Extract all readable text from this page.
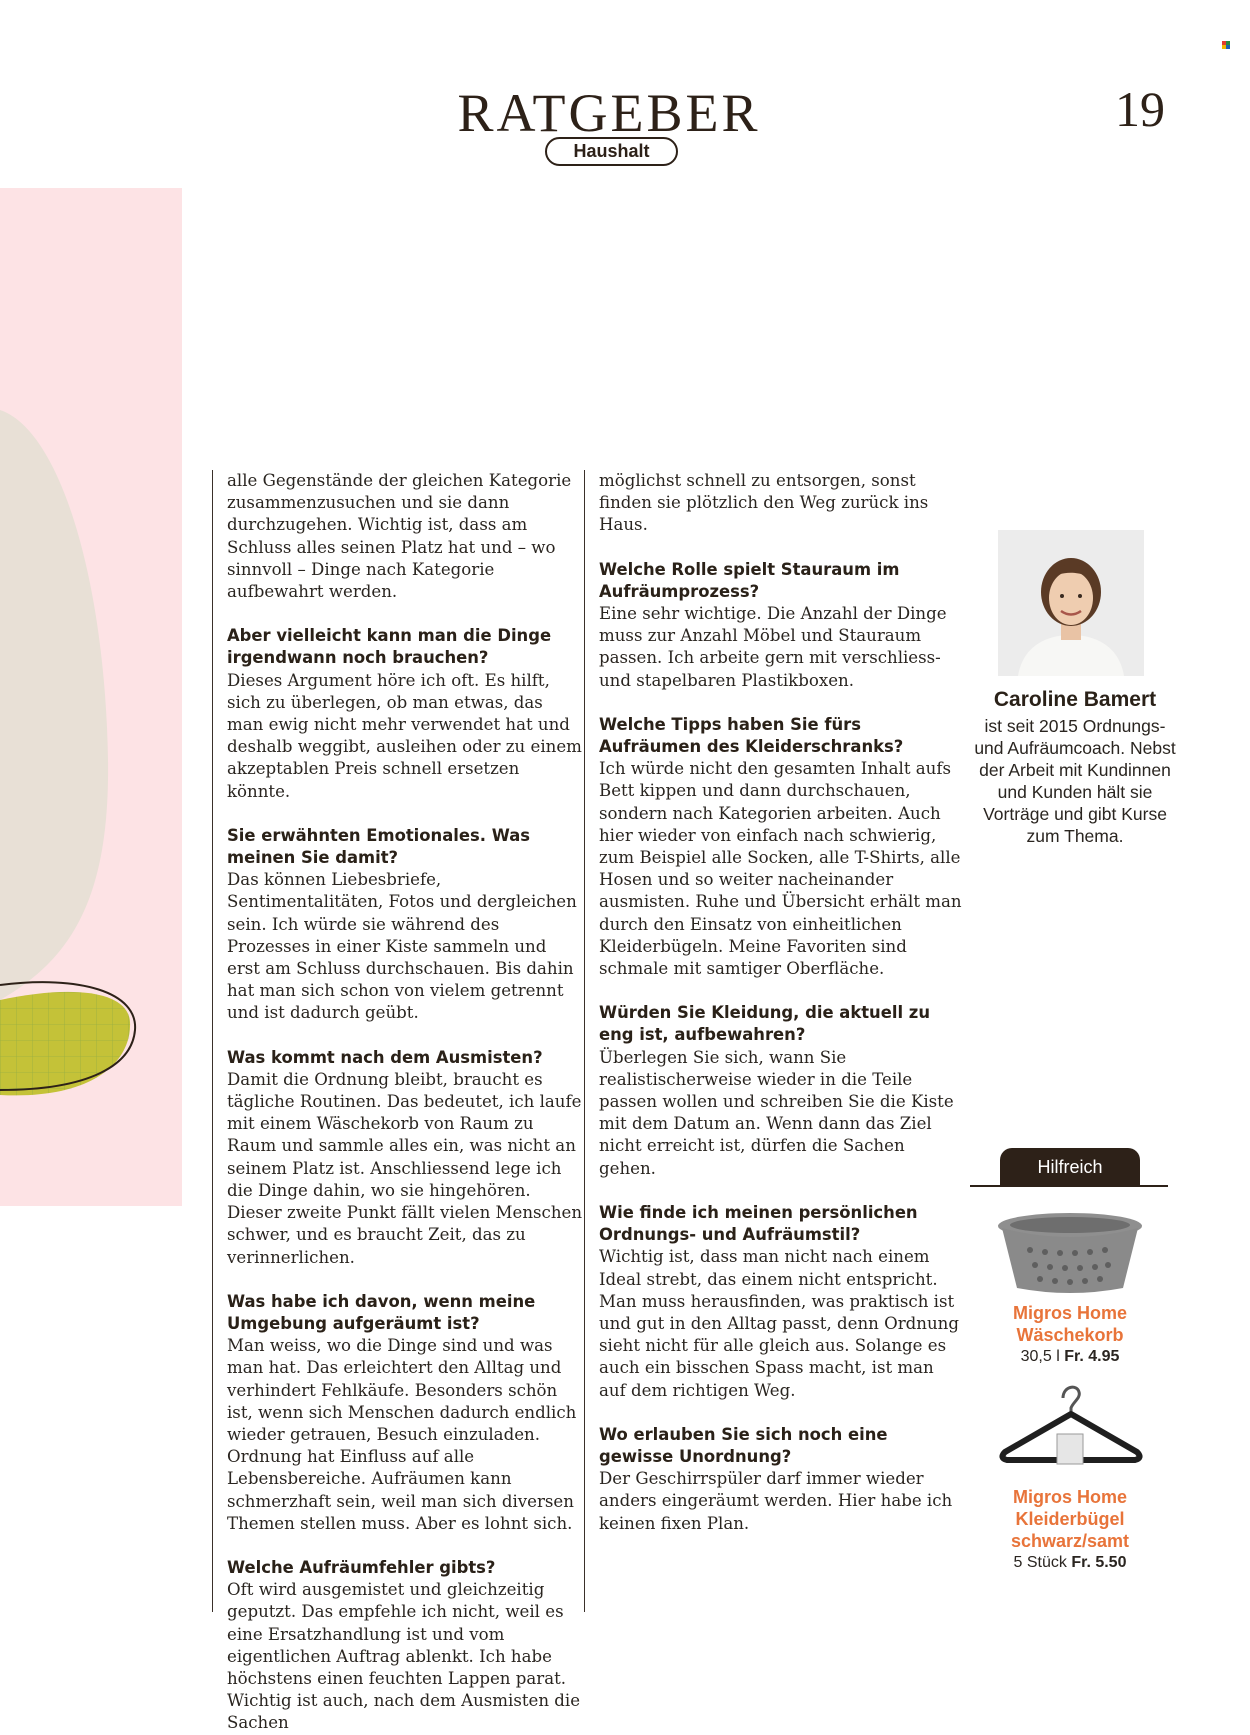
RATGEBER	19
Haushalt

alle Gegenstände der gleichen Kategorie zusammenzusuchen und sie dann durchzugehen. Wichtig ist, dass am Schluss alles seinen Platz hat und – wo sinnvoll – Dinge nach Kategorie aufbewahrt werden.

Aber vielleicht kann man die Dinge irgendwann noch brauchen?

Dieses Argument höre ich oft. Es hilft, sich zu überlegen, ob man etwas, das man ewig nicht mehr verwendet hat und deshalb weggibt, ausleihen oder zu einem akzeptablen Preis schnell ersetzen könnte.

Sie erwähnten Emotionales. Was meinen Sie damit?

Das können Liebesbriefe, Sentimentalitäten, Fotos und dergleichen sein. Ich würde sie während des Prozesses in einer Kiste sammeln und erst am Schluss durchschauen. Bis dahin hat man sich schon von vielem getrennt und ist dadurch geübt.

Was kommt nach dem Ausmisten?

Damit die Ordnung bleibt, braucht es tägliche Routinen. Das bedeutet, ich laufe mit einem Wäschekorb von Raum zu Raum und sammle alles ein, was nicht an seinem Platz ist. Anschliessend lege ich die Dinge dahin, wo sie hingehören. Dieser zweite Punkt fällt vielen Menschen schwer, und es braucht Zeit, das zu verinnerlichen.

Was habe ich davon, wenn meine Umgebung aufgeräumt ist?

Man weiss, wo die Dinge sind und was man hat. Das erleichtert den Alltag und verhindert Fehlkäufe. Besonders schön ist, wenn sich Menschen dadurch endlich wieder getrauen, Besuch einzuladen. Ordnung hat Einfluss auf alle Lebensbereiche. Aufräumen kann schmerzhaft sein, weil man sich diversen Themen stellen muss. Aber es lohnt sich.

Welche Aufräumfehler gibts?

Oft wird ausgemistet und gleichzeitig geputzt. Das empfehle ich nicht, weil es eine Ersatzhandlung ist und vom eigentlichen Auftrag ablenkt. Ich habe höchstens einen feuchten Lappen parat. Wichtig ist auch, nach dem Ausmisten die Sachen

möglichst schnell zu entsorgen, sonst finden sie plötzlich den Weg zurück ins Haus.

Welche Rolle spielt Stauraum im Aufräumprozess?

Eine sehr wichtige. Die Anzahl der Dinge muss zur Anzahl Möbel und Stauraum passen. Ich arbeite gern mit verschliess- und stapelbaren Plastikboxen.

Welche Tipps haben Sie fürs Aufräumen des Kleiderschranks?

Ich würde nicht den gesamten Inhalt aufs Bett kippen und dann durchschauen, sondern nach Kategorien arbeiten. Auch hier wieder von einfach nach schwierig, zum Beispiel alle Socken, alle T-Shirts, alle Hosen und so weiter nacheinander ausmisten. Ruhe und Übersicht erhält man durch den Einsatz von einheitlichen Kleiderbügeln. Meine Favoriten sind schmale mit samtiger Oberfläche.

Würden Sie Kleidung, die aktuell zu eng ist, aufbewahren?

Überlegen Sie sich, wann Sie realistischerweise wieder in die Teile passen wollen und schreiben Sie die Kiste mit dem Datum an. Wenn dann das Ziel nicht erreicht ist, dürfen die Sachen gehen.

Wie finde ich meinen persönlichen Ordnungs- und Aufräumstil?

Wichtig ist, dass man nicht nach einem Ideal strebt, das einem nicht entspricht. Man muss herausfinden, was praktisch ist und gut in den Alltag passt, denn Ordnung sieht nicht für alle gleich aus. Solange es auch ein bisschen Spass macht, ist man auf dem richtigen Weg.

Wo erlauben Sie sich noch eine gewisse Unordnung?

Der Geschirrspüler darf immer wieder anders eingeräumt werden. Hier habe ich keinen fixen Plan.

Caroline Bamert
ist seit 2015 Ordnungs- und Aufräumcoach. Nebst der Arbeit mit Kundinnen und Kunden hält sie Vorträge und gibt Kurse zum Thema.
Hilfreich
Migros Home Wäschekorb
30,5 l Fr. 4.95
Migros Home Kleiderbügel schwarz/samt
5 Stück Fr. 5.50
